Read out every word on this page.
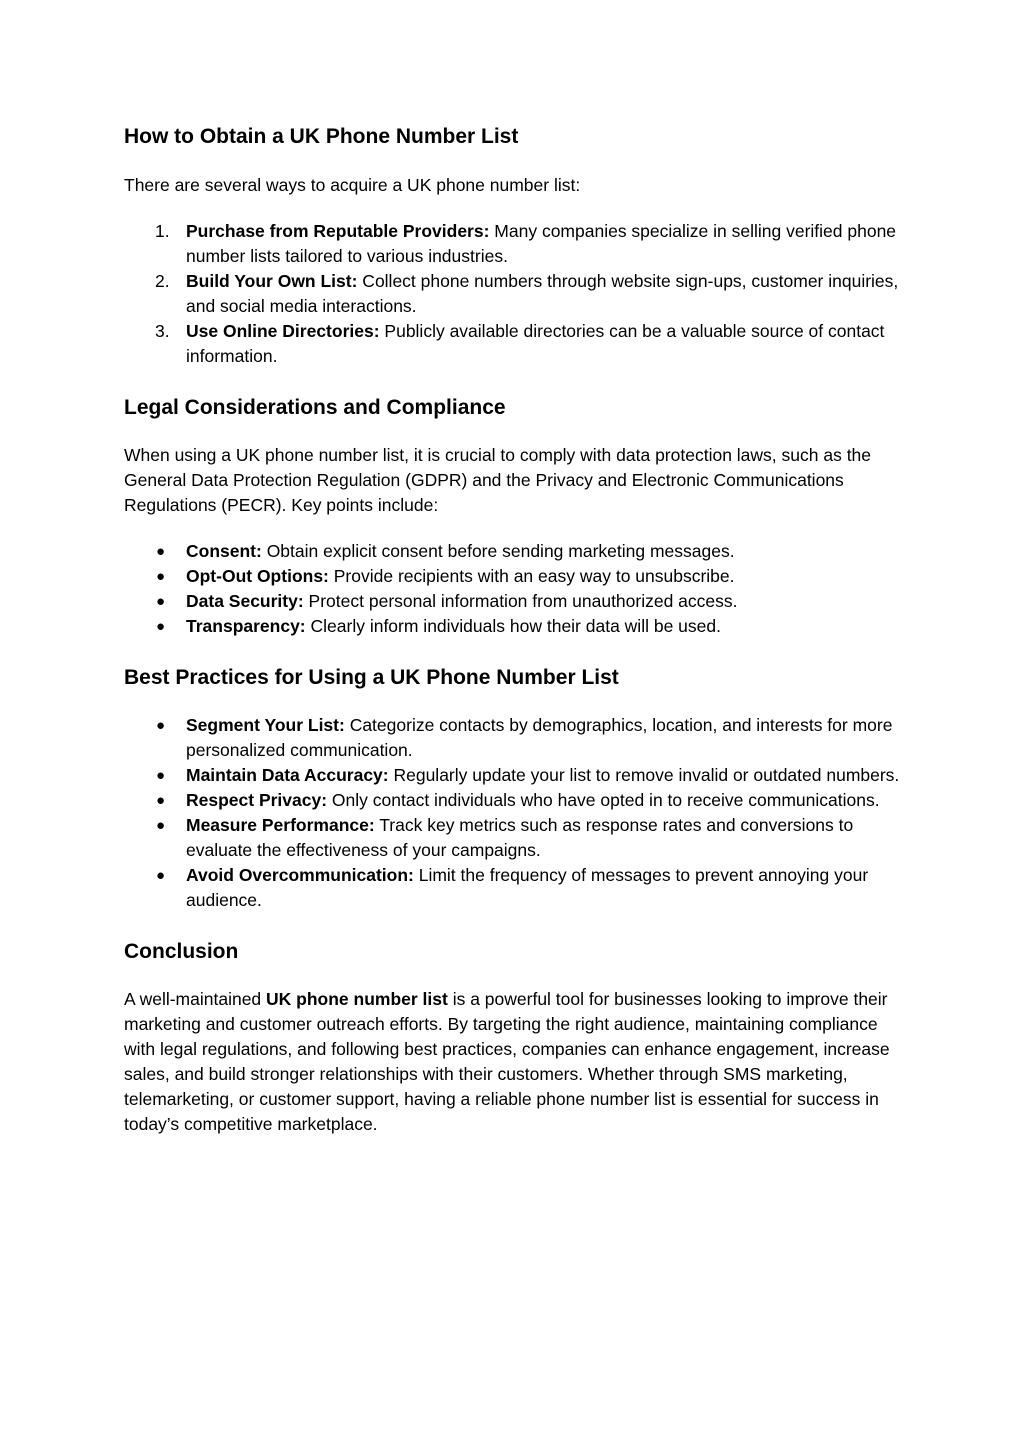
How to Obtain a UK Phone Number List

There are several ways to acquire a UK phone number list:

1. Purchase from Reputable Providers: Many companies specialize in selling verified phone number lists tailored to various industries.
2. Build Your Own List: Collect phone numbers through website sign-ups, customer inquiries, and social media interactions.
3. Use Online Directories: Publicly available directories can be a valuable source of contact information.
Legal Considerations and Compliance

When using a UK phone number list, it is crucial to comply with data protection laws, such as the General Data Protection Regulation (GDPR) and the Privacy and Electronic Communications Regulations (PECR). Key points include:

● Consent: Obtain explicit consent before sending marketing messages.
● Opt-Out Options: Provide recipients with an easy way to unsubscribe.
● Data Security: Protect personal information from unauthorized access.
● Transparency: Clearly inform individuals how their data will be used.
Best Practices for Using a UK Phone Number List
● Segment Your List: Categorize contacts by demographics, location, and interests for more personalized communication.
● Maintain Data Accuracy: Regularly update your list to remove invalid or outdated numbers.
● Respect Privacy: Only contact individuals who have opted in to receive communications.
● Measure Performance: Track key metrics such as response rates and conversions to evaluate the effectiveness of your campaigns.
● Avoid Overcommunication: Limit the frequency of messages to prevent annoying your audience.
Conclusion

A well-maintained UK phone number list is a powerful tool for businesses looking to improve their marketing and customer outreach efforts. By targeting the right audience, maintaining compliance with legal regulations, and following best practices, companies can enhance engagement, increase sales, and build stronger relationships with their customers. Whether through SMS marketing, telemarketing, or customer support, having a reliable phone number list is essential for success in today’s competitive marketplace.
